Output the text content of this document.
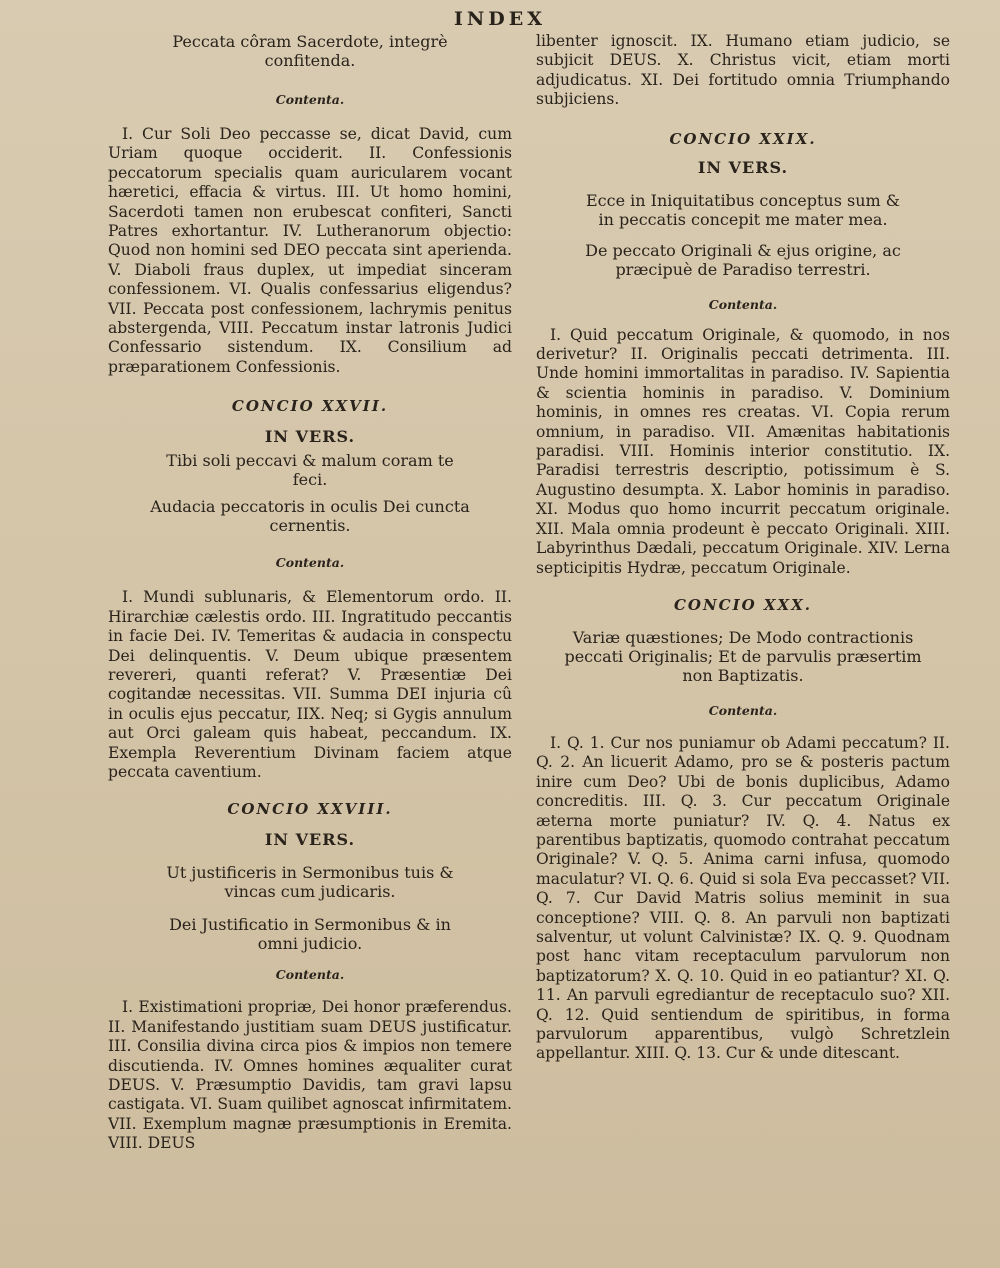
INDEX

Peccata côram Sacerdote, integrè confitenda.

Contenta.

I. Cur Soli Deo peccasse se, dicat David, cum Uriam quoque occiderit. II. Confessionis peccatorum specialis quam auricularem vocant hæretici, effacia & virtus. III. Ut homo homini, Sacerdoti tamen non erubescat confiteri, Sancti Patres exhortantur. IV. Lutheranorum objectio: Quod non homini sed DEO peccata sint aperienda. V. Diaboli fraus duplex, ut impediat sinceram confessionem. VI. Qualis confessarius eligendus? VII. Peccata post confessionem, lachrymis penitus abstergenda, VIII. Peccatum instar latronis Judici Confessario sistendum. IX. Consilium ad præparationem Confessionis.

CONCIO XXVII.

IN VERS.

Tibi soli peccavi & malum coram te feci.

Audacia peccatoris in oculis Dei cuncta cernentis.

Contenta.

I. Mundi sublunaris, & Elementorum ordo. II. Hirarchiæ cælestis ordo. III. Ingratitudo peccantis in facie Dei. IV. Temeritas & audacia in conspectu Dei delinquentis. V. Deum ubique præsentem revereri, quanti referat? V. Præsentiæ Dei cogitandæ necessitas. VII. Summa DEI injuria cû in oculis ejus peccatur, IIX. Neq; si Gygis annulum aut Orci galeam quis habeat, peccandum. IX. Exempla Reverentium Divinam faciem atque peccata caventium.

CONCIO XXVIII.

IN VERS.

Ut justificeris in Sermonibus tuis & vincas cum judicaris.

Dei Justificatio in Sermonibus & in omni judicio.

Contenta.

I. Existimationi propriæ, Dei honor præferendus. II. Manifestando justitiam suam DEUS justificatur. III. Consilia divina circa pios & impios non temere discutienda. IV. Omnes homines æqualiter curat DEUS. V. Præsumptio Davidis, tam gravi lapsu castigata. VI. Suam quilibet agnoscat infirmitatem. VII. Exemplum magnæ præsumptionis in Eremita. VIII. DEUS

libenter ignoscit. IX. Humano etiam judicio, se subjicit DEUS. X. Christus vicit, etiam morti adjudicatus. XI. Dei fortitudo omnia Triumphando subjiciens.

CONCIO XXIX.

IN VERS.

Ecce in Iniquitatibus conceptus sum & in peccatis concepit me mater mea.

De peccato Originali & ejus origine, ac præcipuè de Paradiso terrestri.

Contenta.

I. Quid peccatum Originale, & quomodo, in nos derivetur? II. Originalis peccati detrimenta. III. Unde homini immortalitas in paradiso. IV. Sapientia & scientia hominis in paradiso. V. Dominium hominis, in omnes res creatas. VI. Copia rerum omnium, in paradiso. VII. Amænitas habitationis paradisi. VIII. Hominis interior constitutio. IX. Paradisi terrestris descriptio, potissimum è S. Augustino desumpta. X. Labor hominis in paradiso. XI. Modus quo homo incurrit peccatum originale. XII. Mala omnia prodeunt è peccato Originali. XIII. Labyrinthus Dædali, peccatum Originale. XIV. Lerna septicipitis Hydræ, peccatum Originale.

CONCIO XXX.

Variæ quæstiones; De Modo contractionis peccati Originalis; Et de parvulis præsertim non Baptizatis.

Contenta.

I. Q. 1. Cur nos puniamur ob Adami peccatum? II. Q. 2. An licuerit Adamo, pro se & posteris pactum inire cum Deo? Ubi de bonis duplicibus, Adamo concreditis. III. Q. 3. Cur peccatum Originale æterna morte puniatur? IV. Q. 4. Natus ex parentibus baptizatis, quomodo contrahat peccatum Originale? V. Q. 5. Anima carni infusa, quomodo maculatur? VI. Q. 6. Quid si sola Eva peccasset? VII. Q. 7. Cur David Matris solius meminit in sua conceptione? VIII. Q. 8. An parvuli non baptizati salventur, ut volunt Calvinistæ? IX. Q. 9. Quodnam post hanc vitam receptaculum parvulorum non baptizatorum? X. Q. 10. Quid in eo patiantur? XI. Q. 11. An parvuli egrediantur de receptaculo suo? XII. Q. 12. Quid sentiendum de spiritibus, in forma parvulorum apparentibus, vulgò Schretzlein appellantur. XIII. Q. 13. Cur & unde ditescant.
